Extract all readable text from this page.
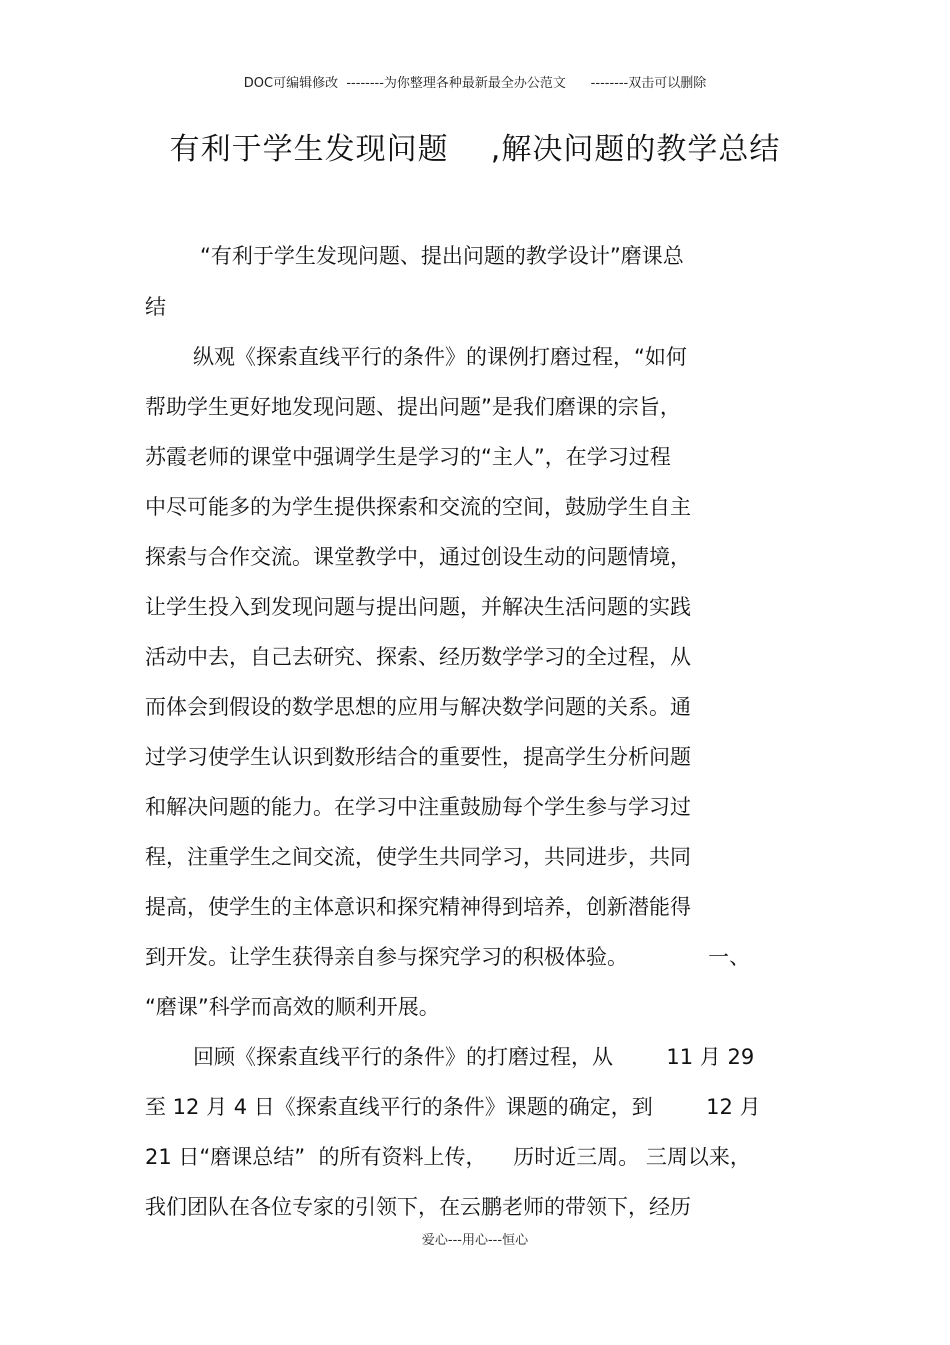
DOC可编辑修改  --------为你整理各种最新最全办公范文      --------双击可以删除
有利于学生发现问题    ,解决问题的教学总结
“有利于学生发现问题、提出问题的教学设计”磨课总
结
纵观《探索直线平行的条件》的课例打磨过程，“如何
帮助学生更好地发现问题、提出问题”是我们磨课的宗旨，
苏霞老师的课堂中强调学生是学习的“主人”，在学习过程
中尽可能多的为学生提供探索和交流的空间，鼓励学生自主
探索与合作交流。课堂教学中，通过创设生动的问题情境，
让学生投入到发现问题与提出问题，并解决生活问题的实践
活动中去，自己去研究、探索、经历数学学习的全过程，从
而体会到假设的数学思想的应用与解决数学问题的关系。通
过学习使学生认识到数形结合的重要性，提高学生分析问题
和解决问题的能力。在学习中注重鼓励每个学生参与学习过
程，注重学生之间交流，使学生共同学习，共同进步，共同
提高，使学生的主体意识和探究精神得到培养，创新潜能得
到开发。让学生获得亲自参与探究学习的积极体验。            一、
“磨课”科学而高效的顺利开展。
回顾《探索直线平行的条件》的打磨过程，从        11 月 29
至 12 月 4 日《探索直线平行的条件》课题的确定，到        12 月
21 日“磨课总结”  的所有资料上传，    历时近三周。 三周以来，
我们团队在各位专家的引领下，在云鹏老师的带领下，经历
爱心---用心---恒心
